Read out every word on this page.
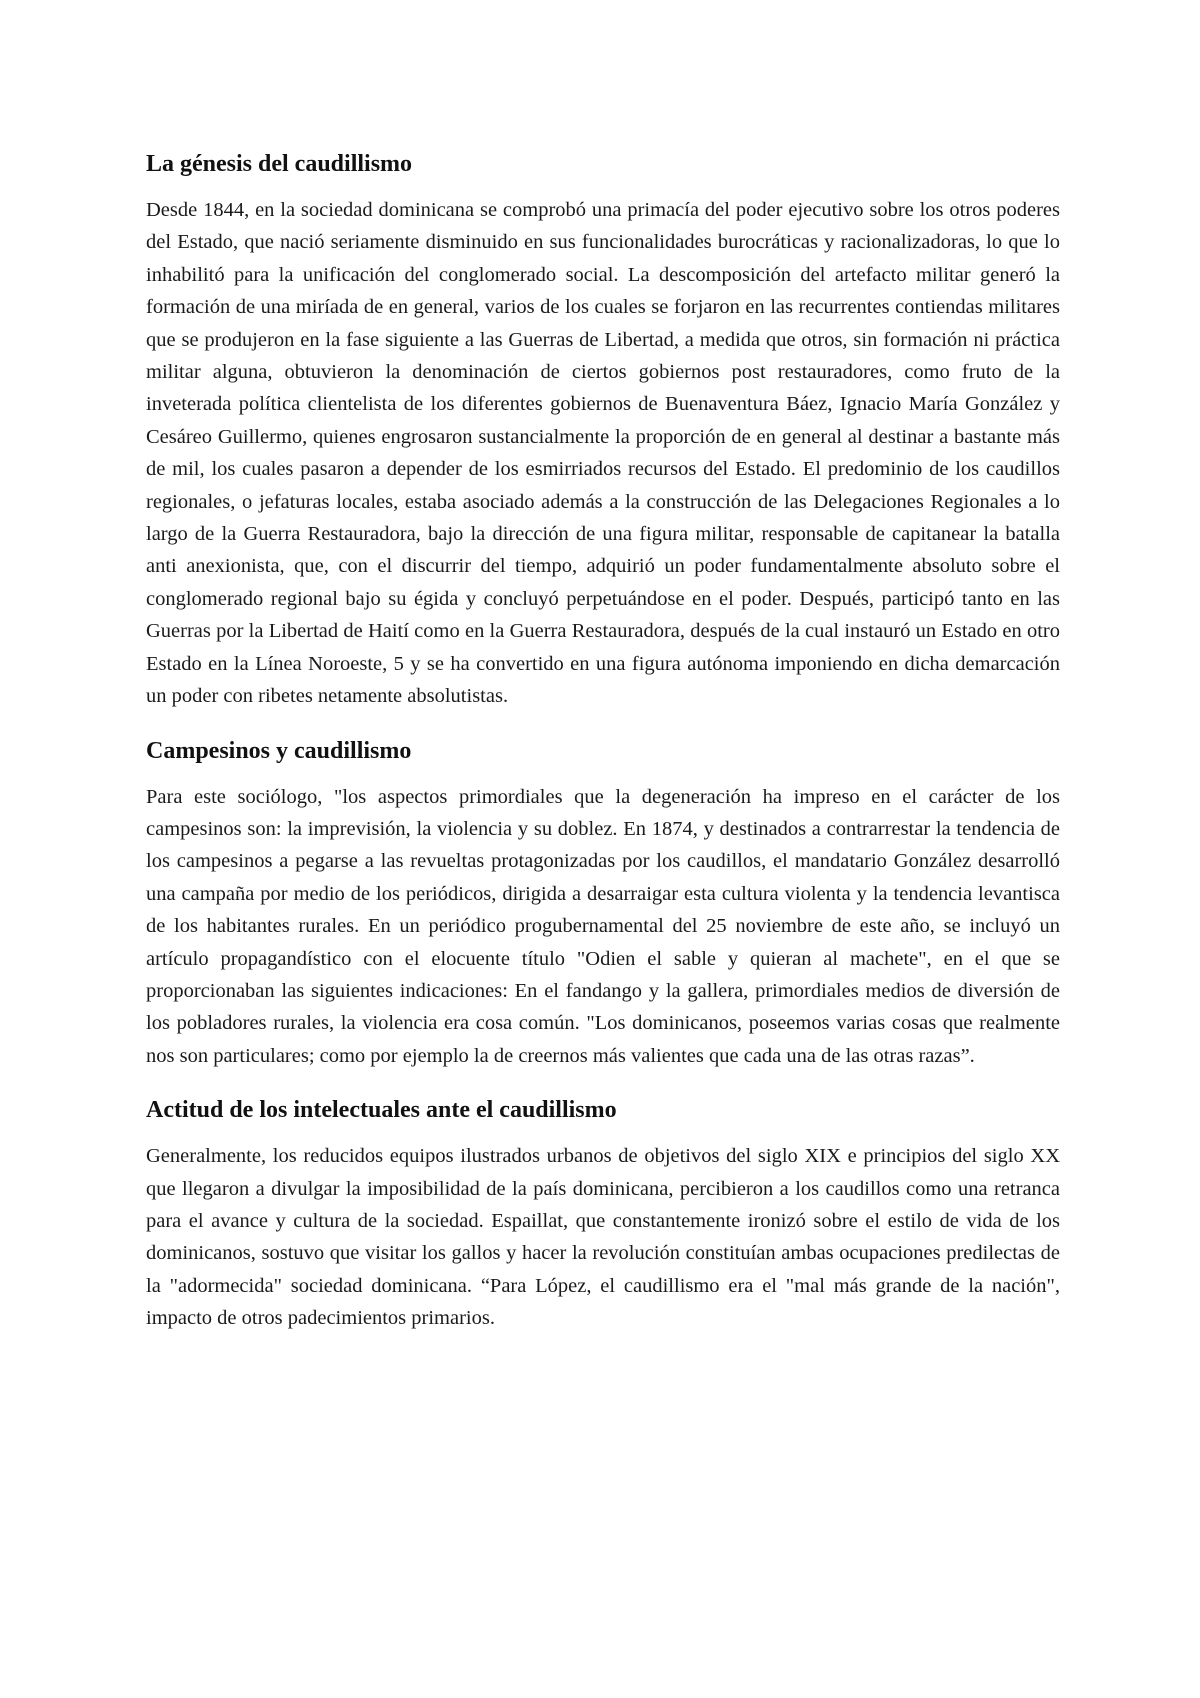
La génesis del caudillismo

Desde 1844, en la sociedad dominicana se comprobó una primacía del poder ejecutivo sobre los otros poderes del Estado, que nació seriamente disminuido en sus funcionalidades burocráticas y racionalizadoras, lo que lo inhabilitó para la unificación del conglomerado social. La descomposición del artefacto militar generó la formación de una miríada de en general, varios de los cuales se forjaron en las recurrentes contiendas militares que se produjeron en la fase siguiente a las Guerras de Libertad, a medida que otros, sin formación ni práctica militar alguna, obtuvieron la denominación de ciertos gobiernos post restauradores, como fruto de la inveterada política clientelista de los diferentes gobiernos de Buenaventura Báez, Ignacio María González y Cesáreo Guillermo, quienes engrosaron sustancialmente la proporción de en general al destinar a bastante más de mil, los cuales pasaron a depender de los esmirriados recursos del Estado. El predominio de los caudillos regionales, o jefaturas locales, estaba asociado además a la construcción de las Delegaciones Regionales a lo largo de la Guerra Restauradora, bajo la dirección de una figura militar, responsable de capitanear la batalla anti anexionista, que, con el discurrir del tiempo, adquirió un poder fundamentalmente absoluto sobre el conglomerado regional bajo su égida y concluyó perpetuándose en el poder. Después, participó tanto en las Guerras por la Libertad de Haití como en la Guerra Restauradora, después de la cual instauró un Estado en otro Estado en la Línea Noroeste, 5 y se ha convertido en una figura autónoma imponiendo en dicha demarcación un poder con ribetes netamente absolutistas.

Campesinos y caudillismo

Para este sociólogo, "los aspectos primordiales que la degeneración ha impreso en el carácter de los campesinos son: la imprevisión, la violencia y su doblez. En 1874, y destinados a contrarrestar la tendencia de los campesinos a pegarse a las revueltas protagonizadas por los caudillos, el mandatario González desarrolló una campaña por medio de los periódicos, dirigida a desarraigar esta cultura violenta y la tendencia levantisca de los habitantes rurales. En un periódico progubernamental del 25 noviembre de este año, se incluyó un artículo propagandístico con el elocuente título "Odien el sable y quieran al machete", en el que se proporcionaban las siguientes indicaciones: En el fandango y la gallera, primordiales medios de diversión de los pobladores rurales, la violencia era cosa común. "Los dominicanos, poseemos varias cosas que realmente nos son particulares; como por ejemplo la de creernos más valientes que cada una de las otras razas”.

Actitud de los intelectuales ante el caudillismo

Generalmente, los reducidos equipos ilustrados urbanos de objetivos del siglo XIX e principios del siglo XX que llegaron a divulgar la imposibilidad de la país dominicana, percibieron a los caudillos como una retranca para el avance y cultura de la sociedad. Espaillat, que constantemente ironizó sobre el estilo de vida de los dominicanos, sostuvo que visitar los gallos y hacer la revolución constituían ambas ocupaciones predilectas de la "adormecida" sociedad dominicana. “Para López, el caudillismo era el "mal más grande de la nación", impacto de otros padecimientos primarios.
